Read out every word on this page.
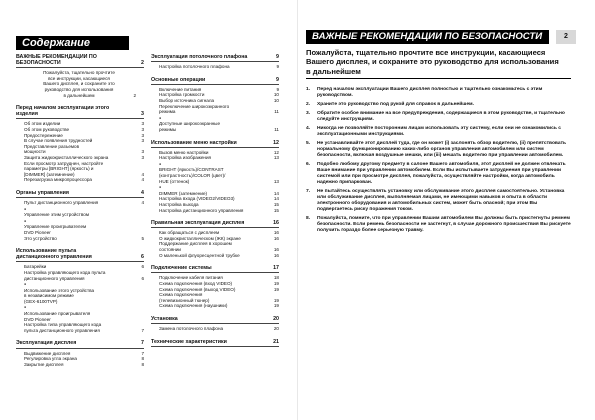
Содержание
ВАЖНЫЕ РЕКОМЕНДАЦИИ ПО
БЕЗОПАСНОСТИ	2
Пожалуйста, тщательно прочтите
все инструкции, касающиеся
Вашего дисплея, и сохраните это
руководство для использования
в дальнейшем	2
Перед началом эксплуатации этого
изделия	3
Об этом изделии	3
Об этом руководстве	3
Предостережение	3
В случае появления трудностей	3
Представление разъемов
мощности	3
Защита жидкокристаллического экрана	3
Если просмотр затруднен, настройте
параметры [BRIGHT] (яркость) и
[DIMMER] (затемнение)	4
Перезагрузка микропроцессора	4
Органы управления	4
Пульт дистанционного управления	4
● Управление этим устройством
● Управление проигрывателем
DVD Pioneer
Это устройство	5
Использование пульта
дистанционного управления	6
Батарейки	6
Настройка управляющего кода пульта
дистанционного управления	6
● Использование этого устройства
в независимом режиме
(GEX-6100TVP)
● Использование проигрывателя
DVD Pioneer
Настройка типа управляющего кода
пульта дистанционного управления	7
Эксплуатация дисплея	7
Выдвижение дисплея	7
Регулировка угла экрана	8
Закрытие дисплея	8
Эксплуатация потолочного плафона	9
Настройка потолочного плафона	9
Основные операции	9
Включение питания	9
Настройка громкости	10
Выбор источника сигнала	10
Переключение широкоэкранного
режима	11
● Доступные широкоэкранные
режимы	11
Использование меню настройки	12
Вызов меню настройки	12
Настройка изображения	13
● BRIGHT (яркость)/CONTRAST
(контрастность)/COLOR (цвет)/
HUE (оттенок)	13
● DIMMER (затемнение)	14
Настройка входа (VIDEO2/VIDEO3)	14
Настройка выхода	15
Настройка дистанционного управления	15
Правильная эксплуатация дисплея	16
Как обращаться с дисплеем	16
О жидкокристаллическом (ЖК) экране	16
Поддержание дисплея в хорошем
состоянии	16
О маленькой флуоресцентной трубке	16
Подключение системы	17
Подключение кабеля питания	18
Схема подключения (вход VIDEO)	19
Схема подключения (выход VIDEO)	19
Схема подключения
(телевизионный тюнер)	19
Схема подключения (наушники)	19
Установка	20
Замена потолочного плафона	20
Технические характеристики	21
ВАЖНЫЕ РЕКОМЕНДАЦИИ ПО БЕЗОПАСНОСТИ	2
Пожалуйста, тщательно прочтите все инструкции, касающиеся Вашего дисплея, и сохраните это руководство для использования в дальнейшем
1.	Перед началом эксплуатации Вашего дисплея полностью и тщательно ознакомьтесь с этим руководством.
2.	Храните это руководство под рукой для справок в дальнейшем.
3.	Обратите особое внимание на все предупреждения, содержащиеся в этом руководстве, и тщательно следуйте инструкциям.
4.	Никогда не позволяйте посторонним лицам использовать эту систему, если они не ознакомились с эксплуатационными инструкциями.
5.	Не устанавливайте этот дисплей туда, где он может (i) заслонять обзор водителю, (ii) препятствовать нормальному функционированию каких-либо органов управления автомобилем или систем безопасности, включая воздушные мешки, или (iii) мешать водителю при управлении автомобилем.
6.	Подобно любому другому предмету в салоне Вашего автомобиля, этот дисплей не должен отвлекать Ваше внимание при управлении автомобилем. Если Вы испытываете затруднения при управлении системой или при просмотре дисплея, пожалуйста, осуществляйте настройки, когда автомобиль надежно припаркован.
7.	Не пытайтесь осуществлять установку или обслуживание этого дисплея самостоятельно. Установка или обслуживание дисплея, выполняемая лицами, не имеющими навыков и опыта в области электронного оборудования и автомобильных систем, может быть опасной; при этом Вы подвергаетесь риску поражения током.
8.	Пожалуйста, помните, что при управлении Вашим автомобилем Вы должны быть пристегнуты ремнем безопасности. Если ремень безопасности не застегнут, в случае дорожного происшествия Вы рискуете получить гораздо более серьезную травму.
